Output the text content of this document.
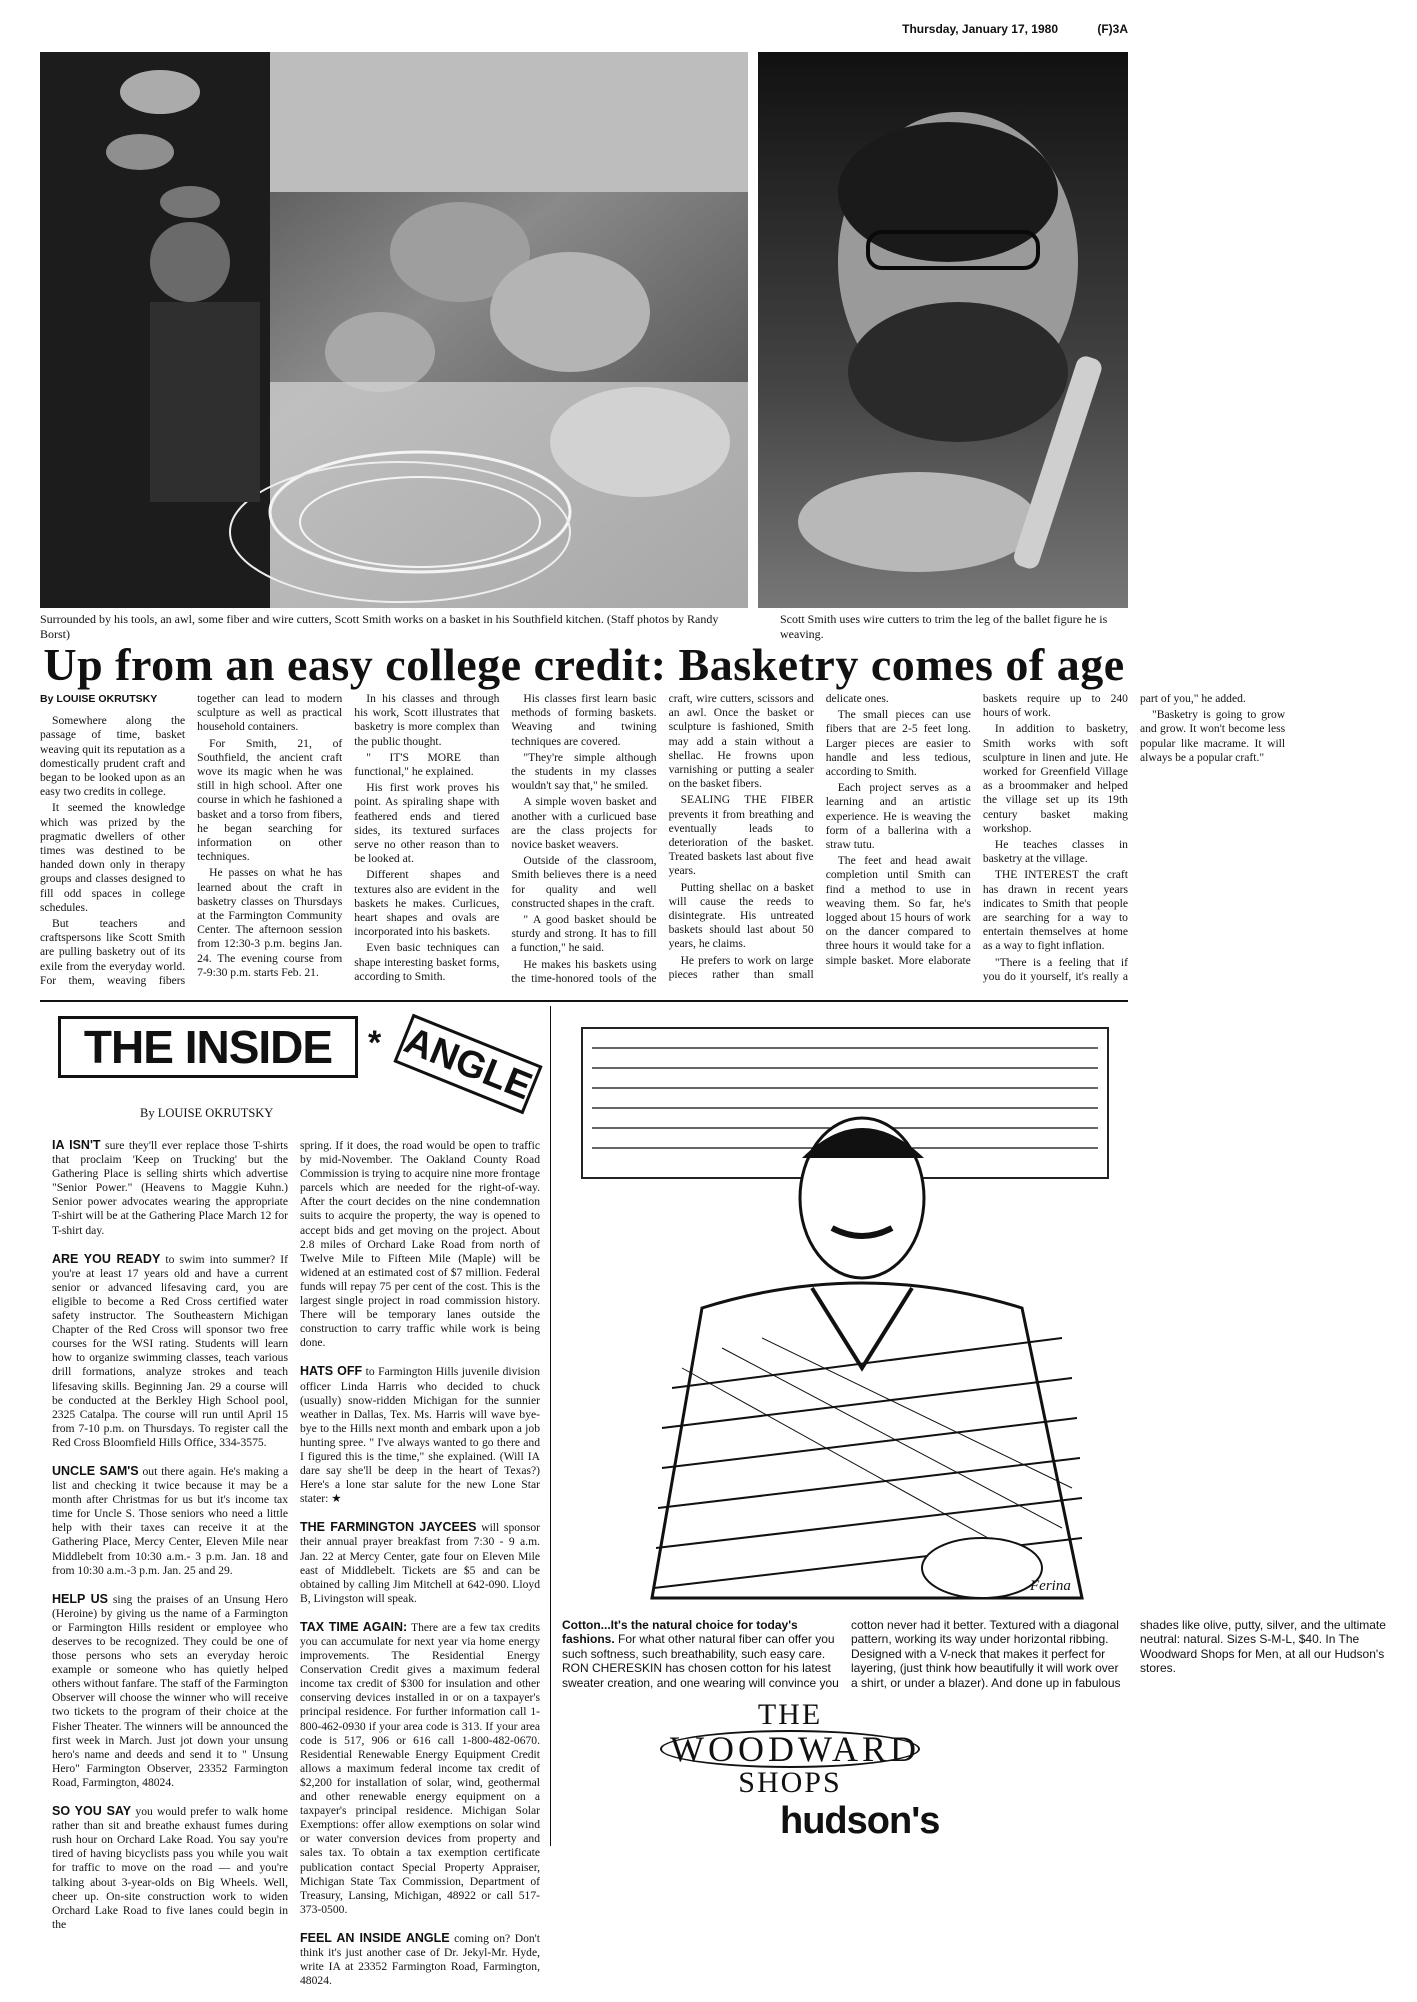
Thursday, January 17, 1980	(F)3A
Surrounded by his tools, an awl, some fiber and wire cutters, Scott Smith works on a basket in his Southfield kitchen. (Staff photos by Randy Borst)
Scott Smith uses wire cutters to trim the leg of the ballet figure he is weaving.
Up from an easy college credit: Basketry comes of age

By LOUISE OKRUTSKY

Somewhere along the passage of time, basket weaving quit its reputation as a domestically prudent craft and began to be looked upon as an easy two credits in college.

It seemed the knowledge which was prized by the pragmatic dwellers of other times was destined to be handed down only in therapy groups and classes designed to fill odd spaces in college schedules.

But teachers and craftspersons like Scott Smith are pulling basketry out of its exile from the everyday world. For them, weaving fibers together can lead to modern sculpture as well as practical household containers.

For Smith, 21, of Southfield, the ancient craft wove its magic when he was still in high school. After one course in which he fashioned a basket and a torso from fibers, he began searching for information on other techniques.

He passes on what he has learned about the craft in basketry classes on Thursdays at the Farmington Community Center. The afternoon session from 12:30-3 p.m. begins Jan. 24. The evening course from 7-9:30 p.m. starts Feb. 21.

In his classes and through his work, Scott illustrates that basketry is more complex than the public thought.

" IT'S MORE than functional," he explained.

His first work proves his point. As spiraling shape with feathered ends and tiered sides, its textured surfaces serve no other reason than to be looked at.

Different shapes and textures also are evident in the baskets he makes. Curlicues, heart shapes and ovals are incorporated into his baskets.

Even basic techniques can shape interesting basket forms, according to Smith.

His classes first learn basic methods of forming baskets. Weaving and twining techniques are covered.

"They're simple although the students in my classes wouldn't say that," he smiled.

A simple woven basket and another with a curlicued base are the class projects for novice basket weavers.

Outside of the classroom, Smith believes there is a need for quality and well constructed shapes in the craft.

" A good basket should be sturdy and strong. It has to fill a function," he said.

He makes his baskets using the time-honored tools of the craft, wire cutters, scissors and an awl. Once the basket or sculpture is fashioned, Smith may add a stain without a shellac. He frowns upon varnishing or putting a sealer on the basket fibers.

SEALING THE FIBER prevents it from breathing and eventually leads to deterioration of the basket. Treated baskets last about five years.

Putting shellac on a basket will cause the reeds to disintegrate. His untreated baskets should last about 50 years, he claims.

He prefers to work on large pieces rather than small delicate ones.

The small pieces can use fibers that are 2-5 feet long. Larger pieces are easier to handle and less tedious, according to Smith.

Each project serves as a learning and an artistic experience. He is weaving the form of a ballerina with a straw tutu.

The feet and head await completion until Smith can find a method to use in weaving them. So far, he's logged about 15 hours of work on the dancer compared to three hours it would take for a simple basket. More elaborate baskets require up to 240 hours of work.

In addition to basketry, Smith works with soft sculpture in linen and jute. He worked for Greenfield Village as a broommaker and helped the village set up its 19th century basket making workshop.

He teaches classes in basketry at the village.

THE INTEREST the craft has drawn in recent years indicates to Smith that people are searching for a way to entertain themselves at home as a way to fight inflation.

"There is a feeling that if you do it yourself, it's really a part of you," he added.

"Basketry is going to grow and grow. It won't become less popular like macrame. It will always be a popular craft."

THE INSIDE	* ANGLE
By LOUISE OKRUTSKY

IA ISN'T sure they'll ever replace those T-shirts that proclaim 'Keep on Trucking' but the Gathering Place is selling shirts which advertise "Senior Power." (Heavens to Maggie Kuhn.) Senior power advocates wearing the appropriate T-shirt will be at the Gathering Place March 12 for T-shirt day.

ARE YOU READY to swim into summer? If you're at least 17 years old and have a current senior or advanced lifesaving card, you are eligible to become a Red Cross certified water safety instructor. The Southeastern Michigan Chapter of the Red Cross will sponsor two free courses for the WSI rating. Students will learn how to organize swimming classes, teach various drill formations, analyze strokes and teach lifesaving skills. Beginning Jan. 29 a course will be conducted at the Berkley High School pool, 2325 Catalpa. The course will run until April 15 from 7-10 p.m. on Thursdays. To register call the Red Cross Bloomfield Hills Office, 334-3575.

UNCLE SAM'S out there again. He's making a list and checking it twice because it may be a month after Christmas for us but it's income tax time for Uncle S. Those seniors who need a little help with their taxes can receive it at the Gathering Place, Mercy Center, Eleven Mile near Middlebelt from 10:30 a.m.- 3 p.m. Jan. 18 and from 10:30 a.m.-3 p.m. Jan. 25 and 29.

HELP US sing the praises of an Unsung Hero (Heroine) by giving us the name of a Farmington or Farmington Hills resident or employee who deserves to be recognized. They could be one of those persons who sets an everyday heroic example or someone who has quietly helped others without fanfare. The staff of the Farmington Observer will choose the winner who will receive two tickets to the program of their choice at the Fisher Theater. The winners will be announced the first week in March. Just jot down your unsung hero's name and deeds and send it to " Unsung Hero" Farmington Observer, 23352 Farmington Road, Farmington, 48024.

SO YOU SAY you would prefer to walk home rather than sit and breathe exhaust fumes during rush hour on Orchard Lake Road. You say you're tired of having bicyclists pass you while you wait for traffic to move on the road — and you're talking about 3-year-olds on Big Wheels. Well, cheer up. On-site construction work to widen Orchard Lake Road to five lanes could begin in the

spring. If it does, the road would be open to traffic by mid-November. The Oakland County Road Commission is trying to acquire nine more frontage parcels which are needed for the right-of-way. After the court decides on the nine condemnation suits to acquire the property, the way is opened to accept bids and get moving on the project. About 2.8 miles of Orchard Lake Road from north of Twelve Mile to Fifteen Mile (Maple) will be widened at an estimated cost of $7 million. Federal funds will repay 75 per cent of the cost. This is the largest single project in road commission history. There will be temporary lanes outside the construction to carry traffic while work is being done.

HATS OFF to Farmington Hills juvenile division officer Linda Harris who decided to chuck (usually) snow-ridden Michigan for the sunnier weather in Dallas, Tex. Ms. Harris will wave bye-bye to the Hills next month and embark upon a job hunting spree. " I've always wanted to go there and I figured this is the time," she explained. (Will IA dare say she'll be deep in the heart of Texas?) Here's a lone star salute for the new Lone Star stater: ★

THE FARMINGTON JAYCEES will sponsor their annual prayer breakfast from 7:30 - 9 a.m. Jan. 22 at Mercy Center, gate four on Eleven Mile east of Middlebelt. Tickets are $5 and can be obtained by calling Jim Mitchell at 642-090. Lloyd B, Livingston will speak.

TAX TIME AGAIN: There are a few tax credits you can accumulate for next year via home energy improvements. The Residential Energy Conservation Credit gives a maximum federal income tax credit of $300 for insulation and other conserving devices installed in or on a taxpayer's principal residence. For further information call 1-800-462-0930 if your area code is 313. If your area code is 517, 906 or 616 call 1-800-482-0670. Residential Renewable Energy Equipment Credit allows a maximum federal income tax credit of $2,200 for installation of solar, wind, geothermal and other renewable energy equipment on a taxpayer's principal residence. Michigan Solar Exemptions: offer allow exemptions on solar wind or water conversion devices from property and sales tax. To obtain a tax exemption certificate publication contact Special Property Appraiser, Michigan State Tax Commission, Department of Treasury, Lansing, Michigan, 48922 or call 517-373-0500.

FEEL AN INSIDE ANGLE coming on? Don't think it's just another case of Dr. Jekyl-Mr. Hyde, write IA at 23352 Farmington Road, Farmington, 48024.

Ferina
Cotton...It's the natural choice for today's fashions. For what other natural fiber can offer you such softness, such breathability, such easy care. RON CHERESKIN has chosen cotton for his latest sweater creation, and one wearing will convince you cotton never had it better. Textured with a diagonal pattern, working its way under horizontal ribbing. Designed with a V-neck that makes it perfect for layering, (just think how beautifully it will work over a shirt, or under a blazer). And done up in fabulous shades like olive, putty, silver, and the ultimate neutral: natural. Sizes S-M-L, $40. In The Woodward Shops for Men, at all our Hudson's stores.
THE
WOODWARD
SHOPS
hudson's
